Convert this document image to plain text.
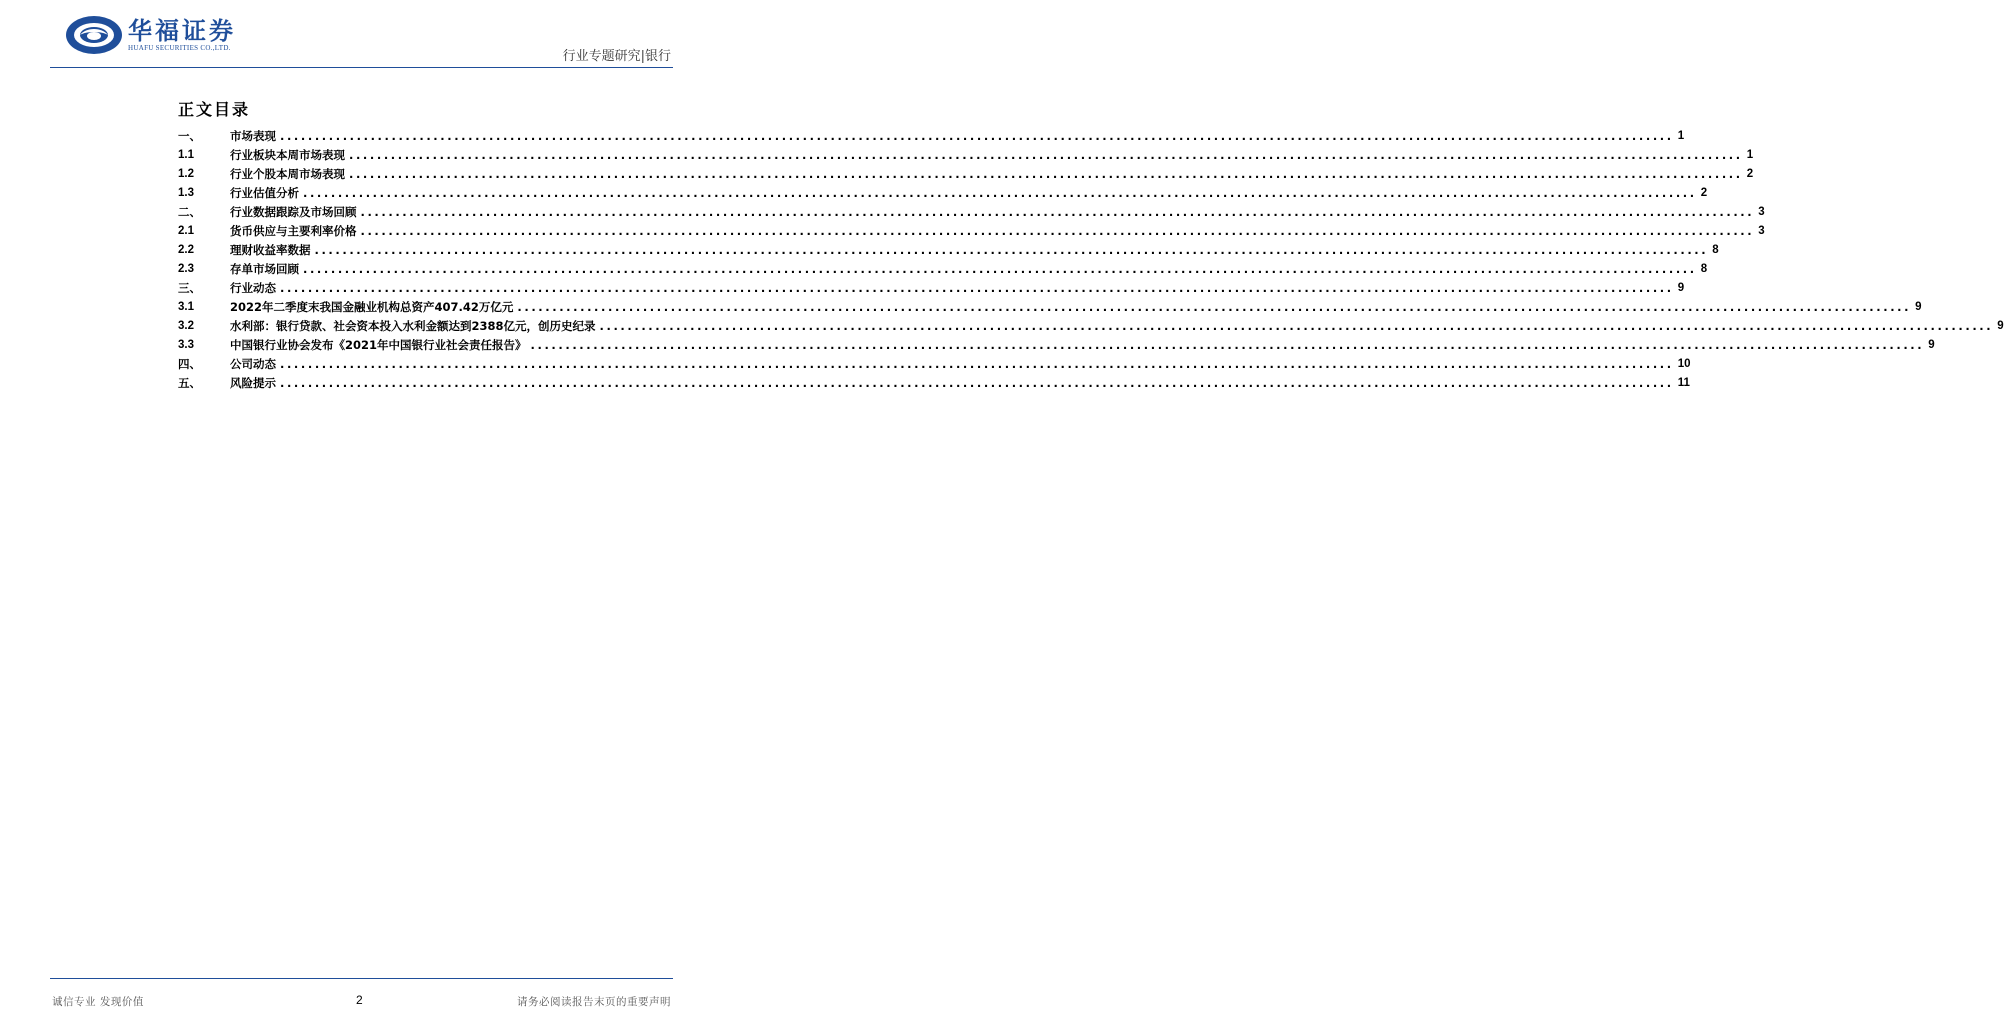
华福证券
HUAFU SECURITIES CO.,LTD.
行业专题研究|银行
正文目录
一、	市场表现 ........................................................................................................................................................................................................ 1
1.1	行业板块本周市场表现 ........................................................................................................................................................................................................ 1
1.2	行业个股本周市场表现 ........................................................................................................................................................................................................ 2
1.3	行业估值分析 ........................................................................................................................................................................................................ 2
二、	行业数据跟踪及市场回顾 ........................................................................................................................................................................................................ 3
2.1	货币供应与主要利率价格 ........................................................................................................................................................................................................ 3
2.2	理财收益率数据 ........................................................................................................................................................................................................ 8
2.3	存单市场回顾 ........................................................................................................................................................................................................ 8
三、	行业动态 ........................................................................................................................................................................................................ 9
3.1	2022年二季度末我国金融业机构总资产407.42万亿元 ........................................................................................................................................................................................................ 9
3.2	水利部：银行贷款、社会资本投入水利金额达到2388亿元，创历史纪录 ........................................................................................................................................................................................................ 9
3.3	中国银行业协会发布《2021年中国银行业社会责任报告》 ........................................................................................................................................................................................................ 9
四、	公司动态 ........................................................................................................................................................................................................ 10
五、	风险提示 ........................................................................................................................................................................................................ 11
诚信专业 发现价值	2	请务必阅读报告末页的重要声明
